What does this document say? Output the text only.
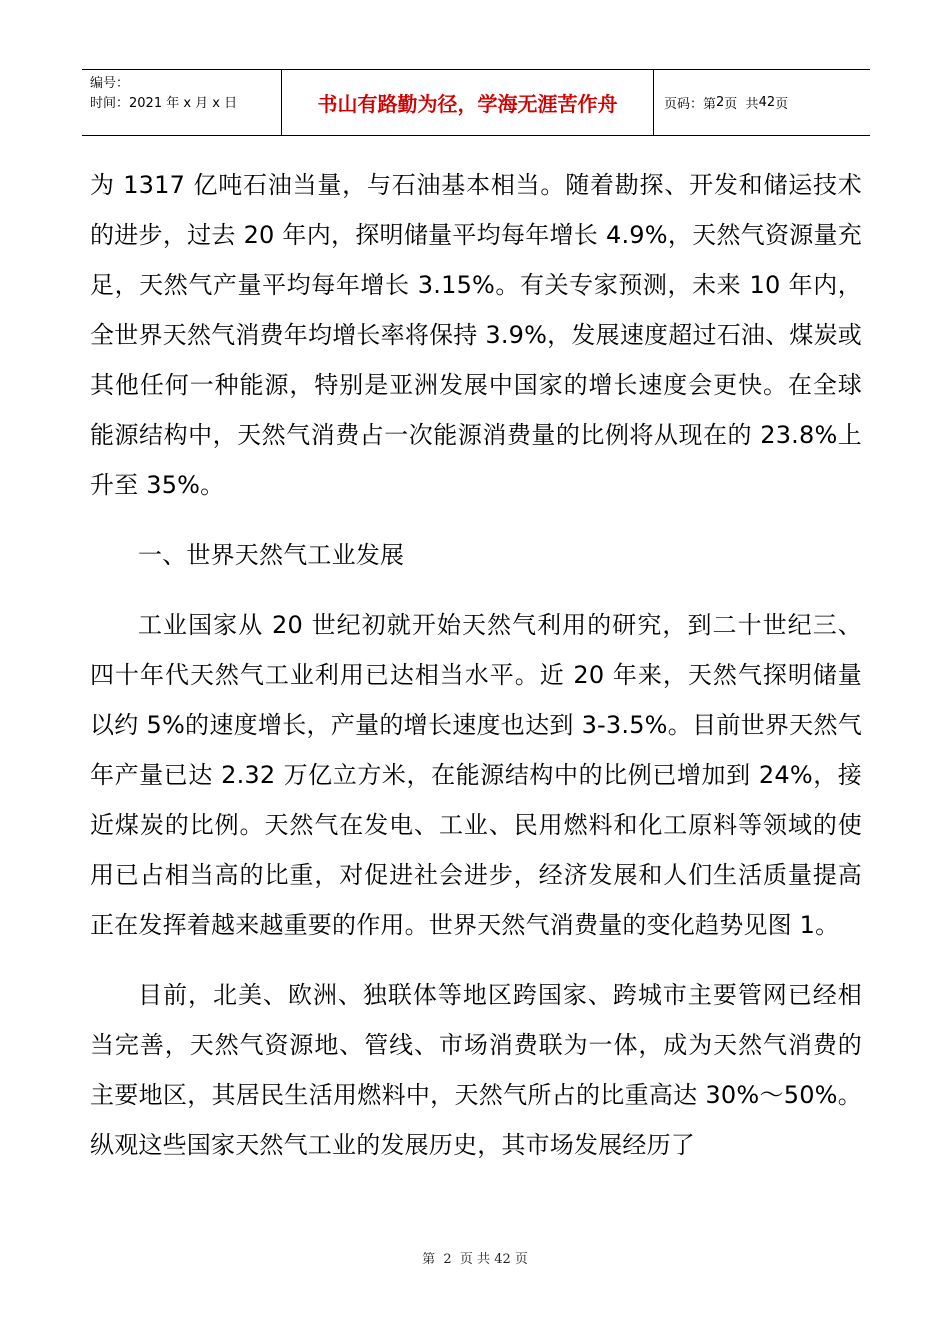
编号：
时间：2021 年 x 月 x 日	书山有路勤为径，学海无涯苦作舟	页码：第 2 页  共 42 页

为 1317 亿吨石油当量，与石油基本相当。随着勘探、开发和储运技术的进步，过去 20 年内，探明储量平均每年增长 4.9%，天然气资源量充足，天然气产量平均每年增长 3.15%。有关专家预测，未来 10 年内，全世界天然气消费年均增长率将保持 3.9%，发展速度超过石油、煤炭或其他任何一种能源，特别是亚洲发展中国家的增长速度会更快。在全球能源结构中，天然气消费占一次能源消费量的比例将从现在的 23.8%上升至 35%。

一、世界天然气工业发展

工业国家从 20 世纪初就开始天然气利用的研究，到二十世纪三、四十年代天然气工业利用已达相当水平。近 20 年来，天然气探明储量以约 5%的速度增长，产量的增长速度也达到 3-3.5%。目前世界天然气年产量已达 2.32 万亿立方米，在能源结构中的比例已增加到 24%，接近煤炭的比例。天然气在发电、工业、民用燃料和化工原料等领域的使用已占相当高的比重，对促进社会进步，经济发展和人们生活质量提高正在发挥着越来越重要的作用。世界天然气消费量的变化趋势见图 1。

目前，北美、欧洲、独联体等地区跨国家、跨城市主要管网已经相当完善，天然气资源地、管线、市场消费联为一体，成为天然气消费的主要地区，其居民生活用燃料中，天然气所占的比重高达 30%～50%。纵观这些国家天然气工业的发展历史，其市场发展经历了

第  2  页 共 42 页
